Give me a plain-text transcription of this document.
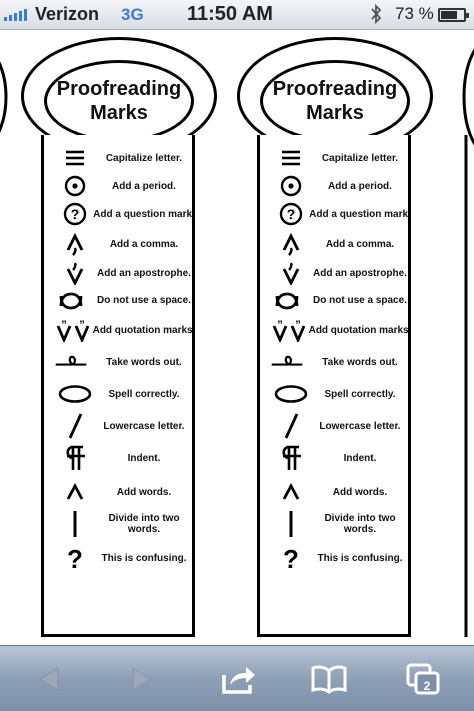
Verizon 3G 11:50 AM	73 %
Proofreading
Marks
Capitalize letter.
Add a period.
? Add a question mark.
Add a comma.
Add an apostrophe.
Do not use a space.
” ” Add quotation marks.
Take words out.
Spell correctly.
Lowercase letter.
Indent.
Add words.
Divide into two words.
?	This is confusing.
Proofreading
Marks
Capitalize letter.
Add a period.
? Add a question mark.
Add a comma.
Add an apostrophe.
Do not use a space.
” ” Add quotation marks.
Take words out.
Spell correctly.
Lowercase letter.
Indent.
Add words.
Divide into two words.
?	This is confusing.
2
